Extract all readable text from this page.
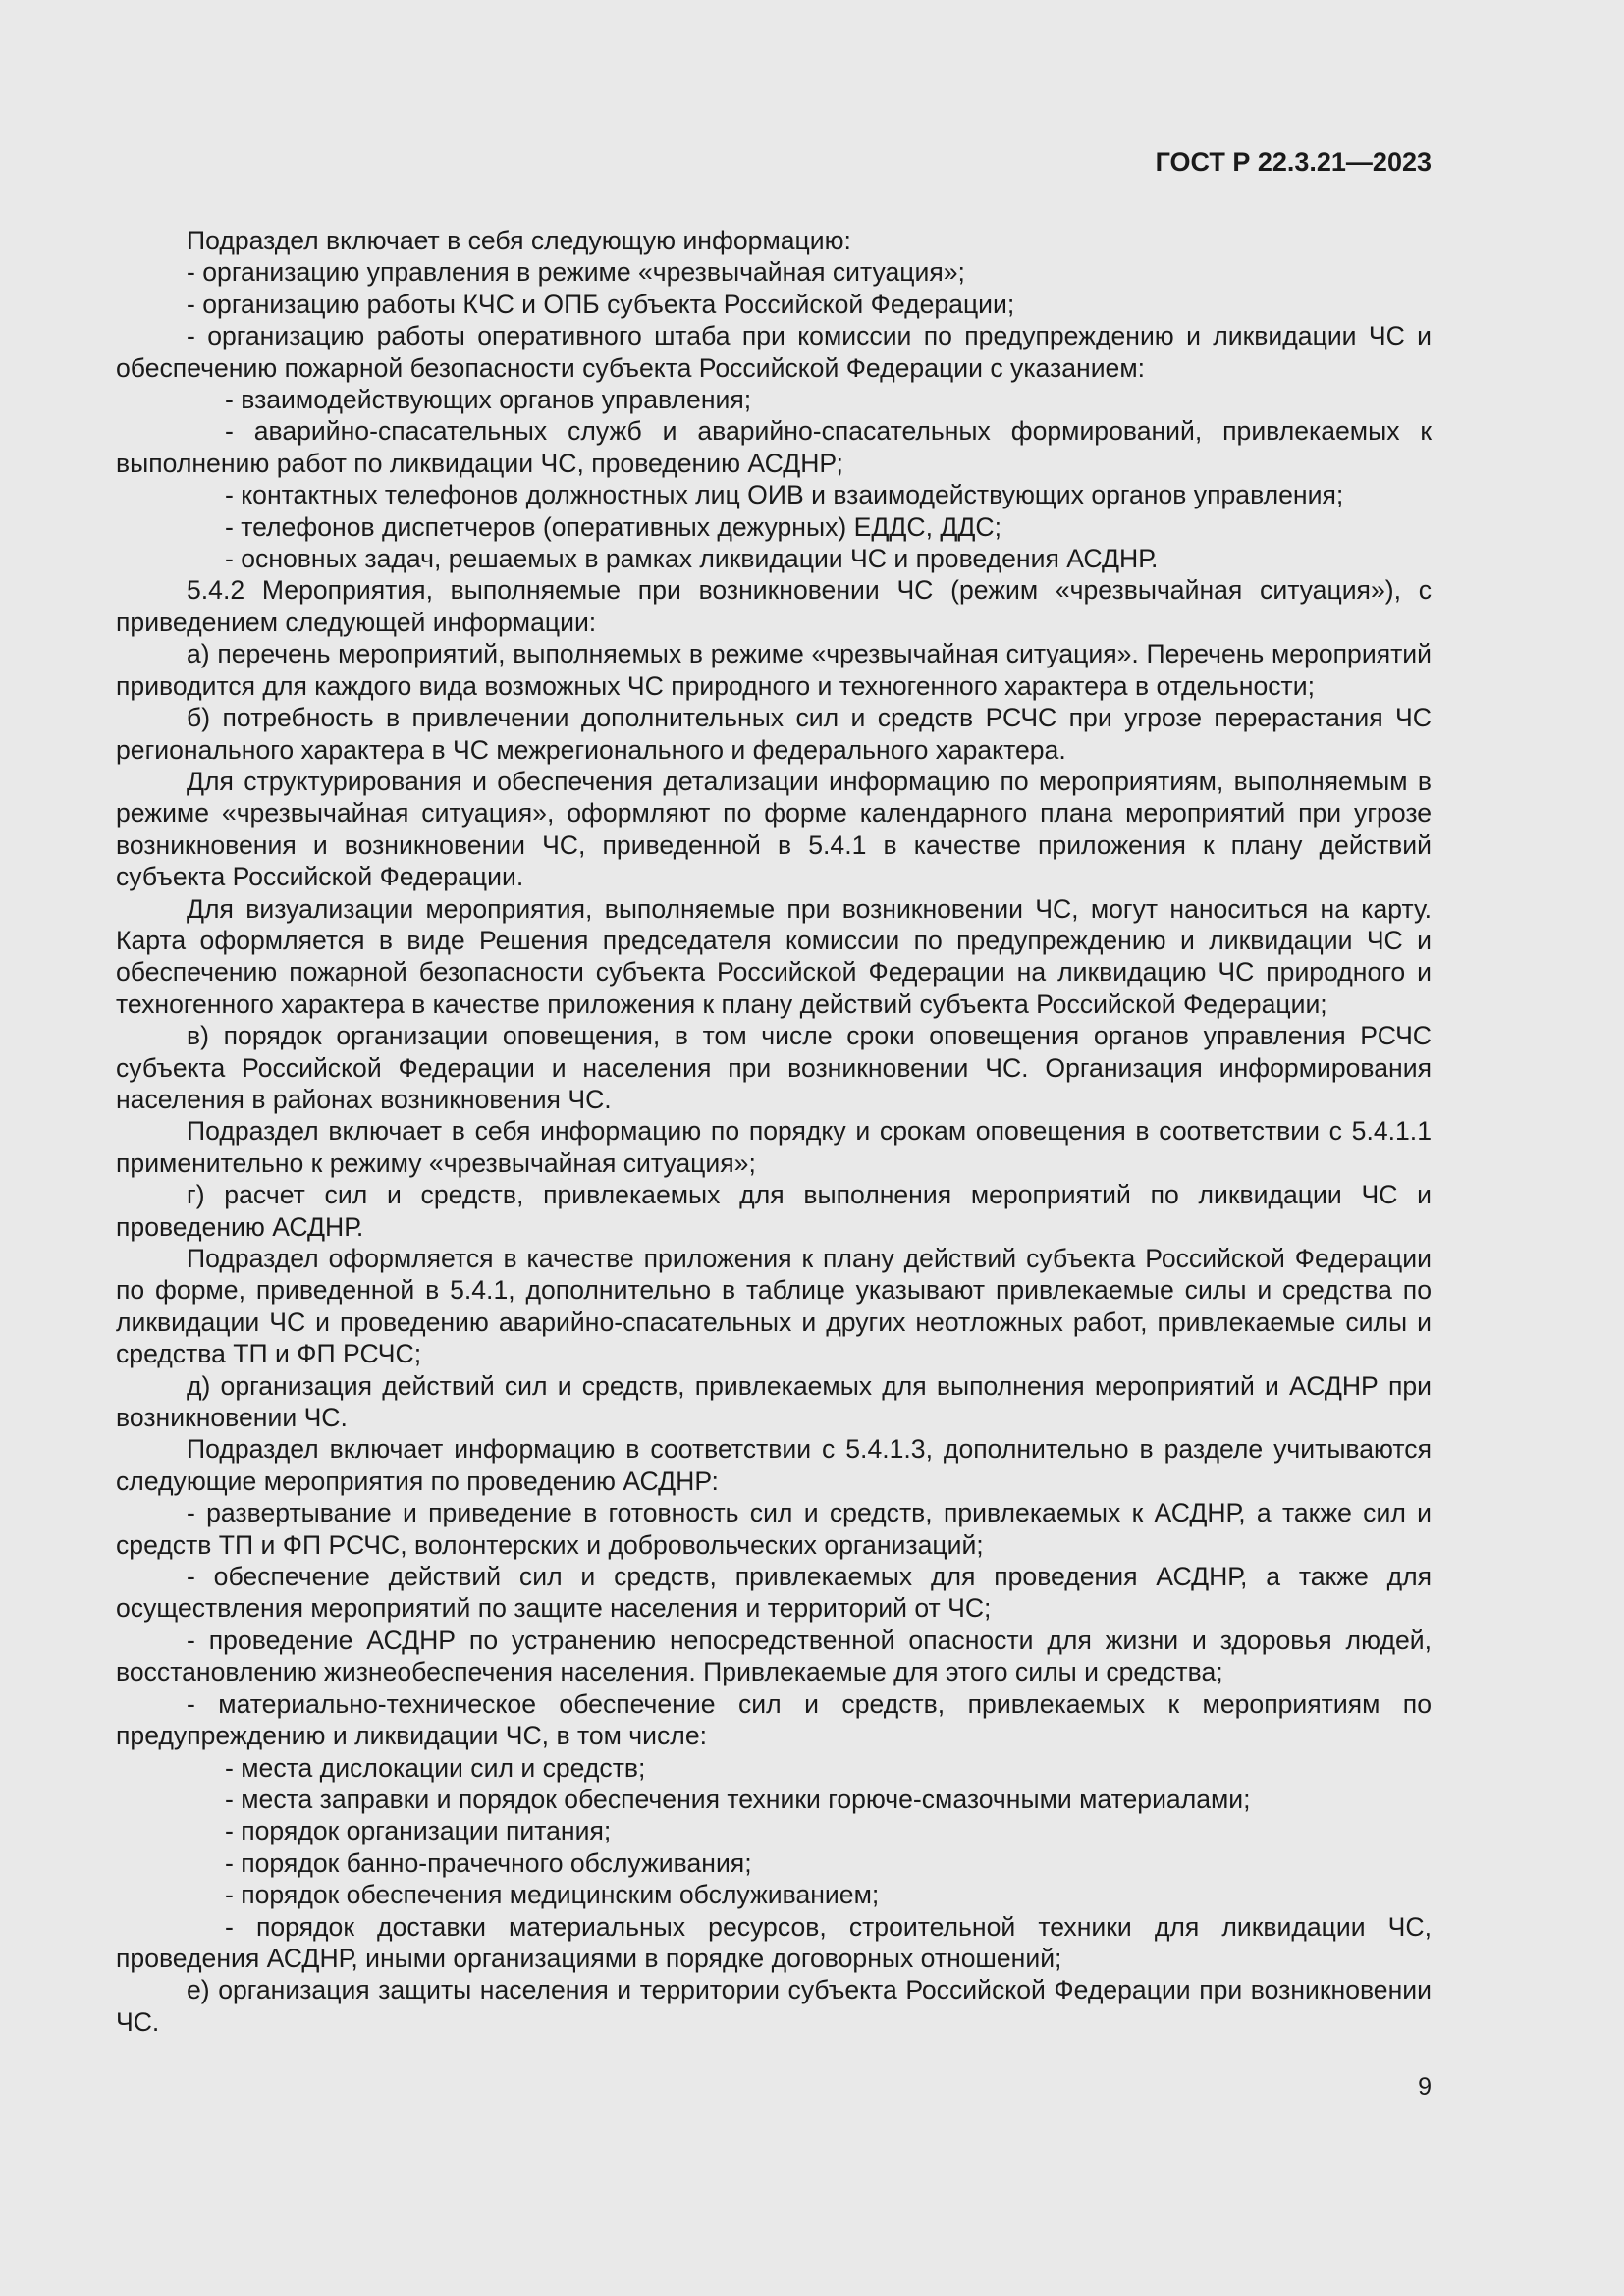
ГОСТ Р 22.3.21—2023

Подраздел включает в себя следующую информацию:

- организацию управления в режиме «чрезвычайная ситуация»;

- организацию работы КЧС и ОПБ субъекта Российской Федерации;

- организацию работы оперативного штаба при комиссии по предупреждению и ликвидации ЧС и обеспечению пожарной безопасности субъекта Российской Федерации с указанием:

- взаимодействующих органов управления;

- аварийно-спасательных служб и аварийно-спасательных формирований, привлекаемых к выполнению работ по ликвидации ЧС, проведению АСДНР;

- контактных телефонов должностных лиц ОИВ и взаимодействующих органов управления;

- телефонов диспетчеров (оперативных дежурных) ЕДДС, ДДС;

- основных задач, решаемых в рамках ликвидации ЧС и проведения АСДНР.

5.4.2 Мероприятия, выполняемые при возникновении ЧС (режим «чрезвычайная ситуация»), с приведением следующей информации:

а) перечень мероприятий, выполняемых в режиме «чрезвычайная ситуация». Перечень мероприятий приводится для каждого вида возможных ЧС природного и техногенного характера в отдельности;

б) потребность в привлечении дополнительных сил и средств РСЧС при угрозе перерастания ЧС регионального характера в ЧС межрегионального и федерального характера.

Для структурирования и обеспечения детализации информацию по мероприятиям, выполняемым в режиме «чрезвычайная ситуация», оформляют по форме календарного плана мероприятий при угрозе возникновения и возникновении ЧС, приведенной в 5.4.1 в качестве приложения к плану действий субъекта Российской Федерации.

Для визуализации мероприятия, выполняемые при возникновении ЧС, могут наноситься на карту. Карта оформляется в виде Решения председателя комиссии по предупреждению и ликвидации ЧС и обеспечению пожарной безопасности субъекта Российской Федерации на ликвидацию ЧС природного и техногенного характера в качестве приложения к плану действий субъекта Российской Федерации;

в) порядок организации оповещения, в том числе сроки оповещения органов управления РСЧС субъекта Российской Федерации и населения при возникновении ЧС. Организация информирования населения в районах возникновения ЧС.

Подраздел включает в себя информацию по порядку и срокам оповещения в соответствии с 5.4.1.1 применительно к режиму «чрезвычайная ситуация»;

г) расчет сил и средств, привлекаемых для выполнения мероприятий по ликвидации ЧС и проведению АСДНР.

Подраздел оформляется в качестве приложения к плану действий субъекта Российской Федерации по форме, приведенной в 5.4.1, дополнительно в таблице указывают привлекаемые силы и средства по ликвидации ЧС и проведению аварийно-спасательных и других неотложных работ, привлекаемые силы и средства ТП и ФП РСЧС;

д) организация действий сил и средств, привлекаемых для выполнения мероприятий и АСДНР при возникновении ЧС.

Подраздел включает информацию в соответствии с 5.4.1.3, дополнительно в разделе учитываются следующие мероприятия по проведению АСДНР:

- развертывание и приведение в готовность сил и средств, привлекаемых к АСДНР, а также сил и средств ТП и ФП РСЧС, волонтерских и добровольческих организаций;

- обеспечение действий сил и средств, привлекаемых для проведения АСДНР, а также для осуществления мероприятий по защите населения и территорий от ЧС;

- проведение АСДНР по устранению непосредственной опасности для жизни и здоровья людей, восстановлению жизнеобеспечения населения. Привлекаемые для этого силы и средства;

- материально-техническое обеспечение сил и средств, привлекаемых к мероприятиям по предупреждению и ликвидации ЧС, в том числе:

- места дислокации сил и средств;

- места заправки и порядок обеспечения техники горюче-смазочными материалами;

- порядок организации питания;

- порядок банно-прачечного обслуживания;

- порядок обеспечения медицинским обслуживанием;

- порядок доставки материальных ресурсов, строительной техники для ликвидации ЧС, проведения АСДНР, иными организациями в порядке договорных отношений;

е) организация защиты населения и территории субъекта Российской Федерации при возникновении ЧС.

9
